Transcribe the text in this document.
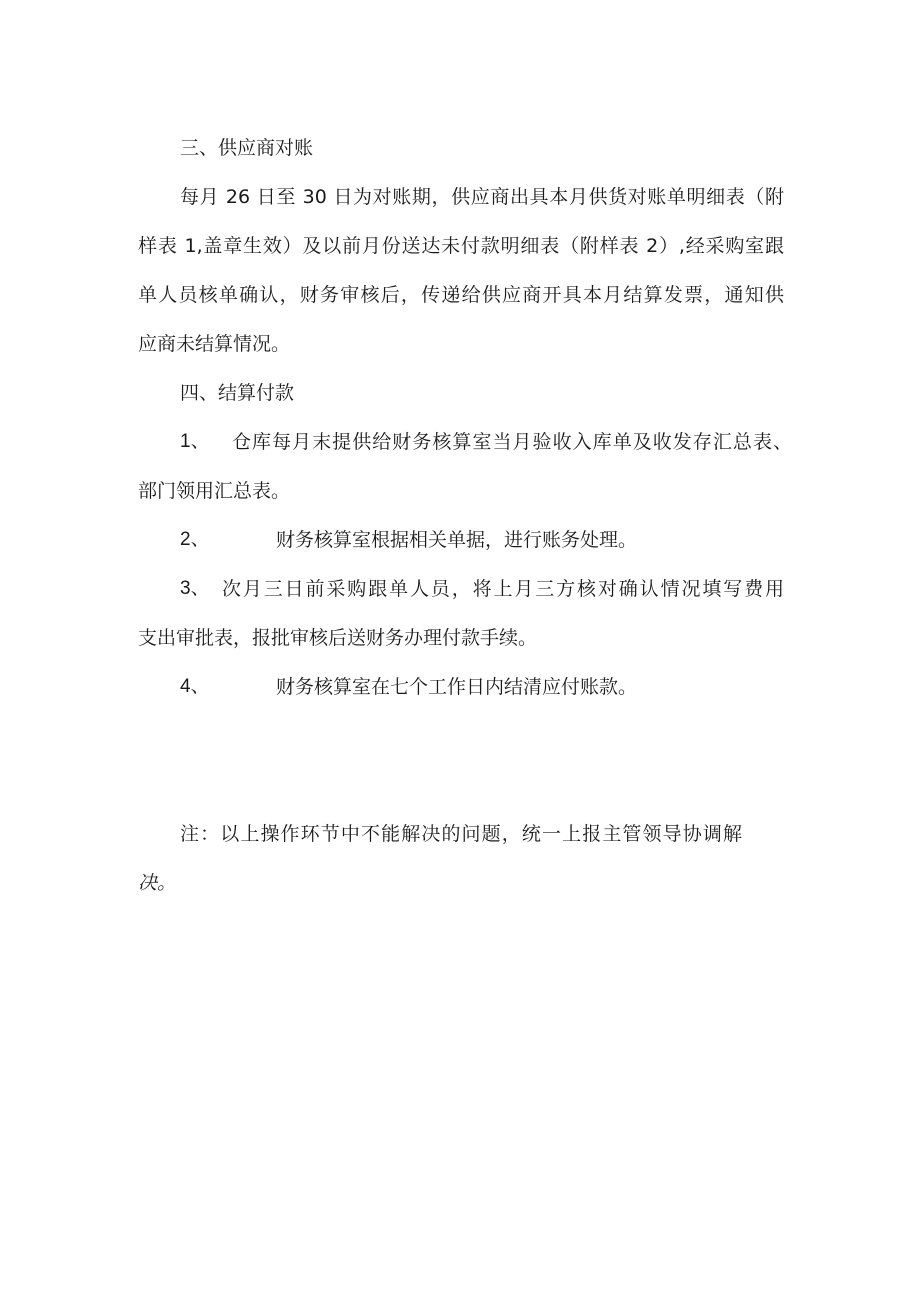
三、供应商对账
每月 26 日至 30 日为对账期，供应商出具本月供货对账单明细表（附
样表 1,盖章生效）及以前月份送达未付款明细表（附样表 2）,经采购室跟
单人员核单确认，财务审核后，传递给供应商开具本月结算发票，通知供
应商未结算情况。
四、结算付款
1、 仓库每月末提供给财务核算室当月验收入库单及收发存汇总表、
部门领用汇总表。
2、	财务核算室根据相关单据，进行账务处理。
3、 次月三日前采购跟单人员，将上月三方核对确认情况填写费用
支出审批表，报批审核后送财务办理付款手续。
4、	财务核算室在七个工作日内结清应付账款。
注：以上操作环节中不能解决的问题，统一上报主管领导协调解
决。
